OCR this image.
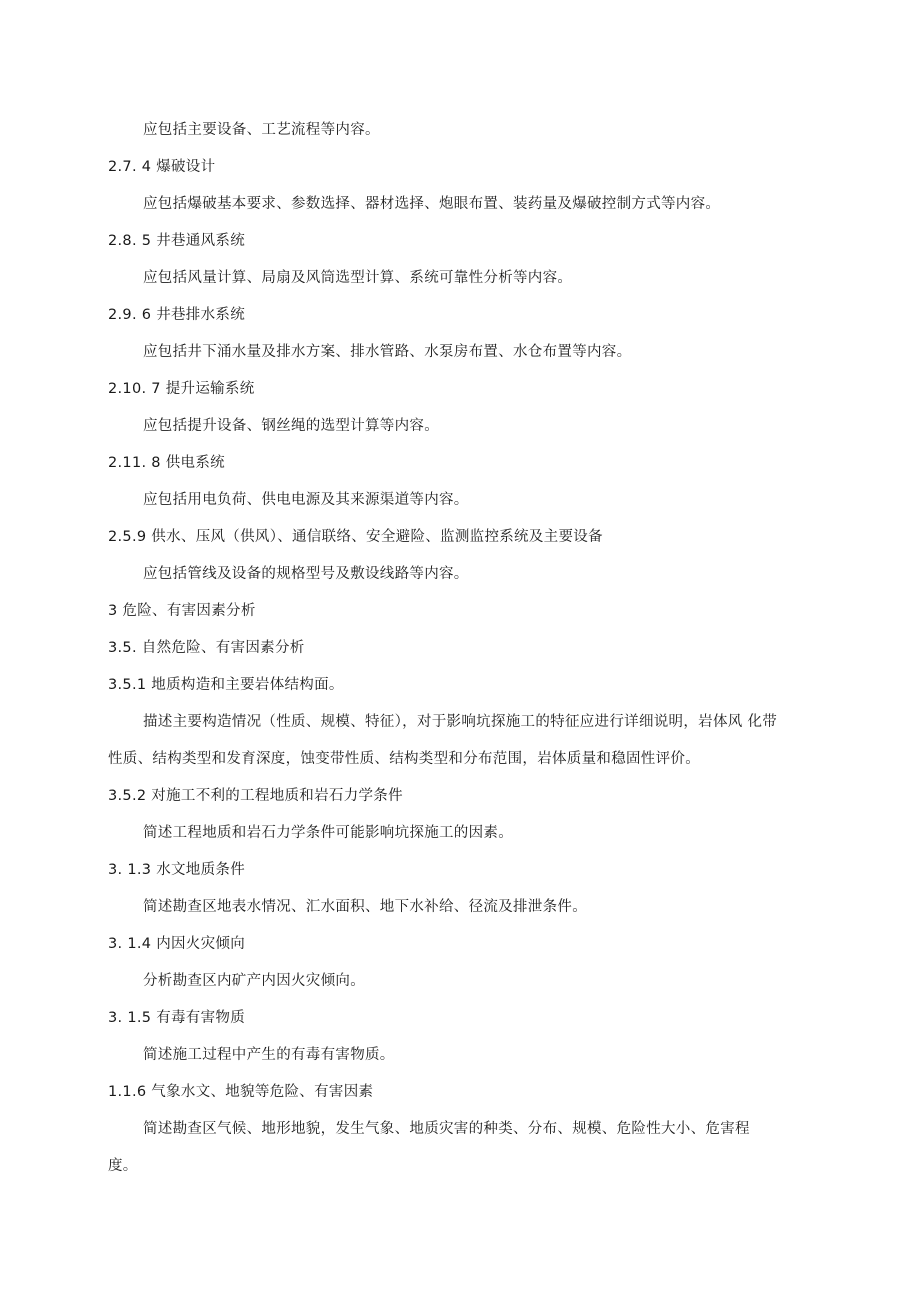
应包括主要设备、工艺流程等内容。
2.7. 4 爆破设计
应包括爆破基本要求、参数选择、器材选择、炮眼布置、装药量及爆破控制方式等内容。
2.8. 5 井巷通风系统
应包括风量计算、局扇及风筒选型计算、系统可靠性分析等内容。
2.9. 6 井巷排水系统
应包括井下涌水量及排水方案、排水管路、水泵房布置、水仓布置等内容。
2.10. 7 提升运输系统
应包括提升设备、钢丝绳的选型计算等内容。
2.11. 8 供电系统
应包括用电负荷、供电电源及其来源渠道等内容。
2.5.9 供水、压风（供风）、通信联络、安全避险、监测监控系统及主要设备
应包括管线及设备的规格型号及敷设线路等内容。
3 危险、有害因素分析
3.5. 自然危险、有害因素分析
3.5.1 地质构造和主要岩体结构面。
描述主要构造情况（性质、规模、特征），对于影响坑探施工的特征应进行详细说明，岩体风 化带
性质、结构类型和发育深度，蚀变带性质、结构类型和分布范围，岩体质量和稳固性评价。
3.5.2 对施工不利的工程地质和岩石力学条件
简述工程地质和岩石力学条件可能影响坑探施工的因素。
3. 1.3 水文地质条件
简述勘查区地表水情况、汇水面积、地下水补给、径流及排泄条件。
3. 1.4 内因火灾倾向
分析勘查区内矿产内因火灾倾向。
3. 1.5 有毒有害物质
简述施工过程中产生的有毒有害物质。
1.1.6 气象水文、地貌等危险、有害因素
简述勘查区气候、地形地貌，发生气象、地质灾害的种类、分布、规模、危险性大小、危害程
度。
